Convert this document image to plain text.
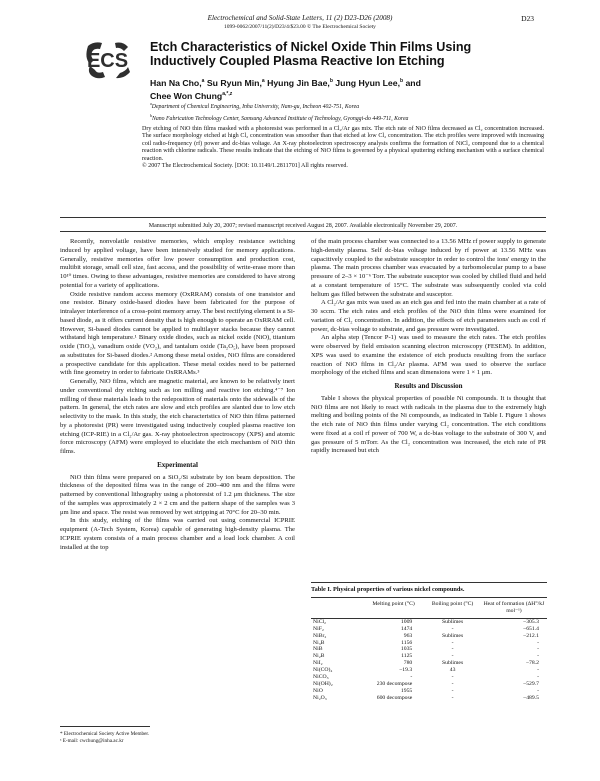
Electrochemical and Solid-State Letters, 11 (2) D23-D26 (2008)
1099-0062/2007/11(2)/D23/4/$23.00 © The Electrochemical Society
D23
ECS
Etch Characteristics of Nickel Oxide Thin Films Using Inductively Coupled Plasma Reactive Ion Etching
Han Na Cho,$^a$ Su Ryun Min,$^a$ Hyung Jin Bae,$^b$ Jung Hyun Lee,$^b$ and
Chee Won Chung$^{a,*,z}$
$^a$Department of Chemical Engineering, Inha University, Nam-gu, Incheon 402-751, Korea
$^b$Nano Fabrication Technology Center, Samsung Advanced Institute of Technology, Gyonggi-do 449-711, Korea

Dry etching of NiO thin films masked with a photoresist was performed in a Cl₂/Ar gas mix. The etch rate of NiO films decreased as Cl₂ concentration increased. The surface morphology etched at high Cl₂ concentration was smoother than that etched at low Cl₂ concentration. The etch profiles were improved with increasing coil radio-frequency (rf) power and dc-bias voltage. An X-ray photoelectron spectroscopy analysis confirms the formation of NiCl₂ compound due to a chemical reaction with chlorine radicals. These results indicate that the etching of NiO films is governed by a physical sputtering etching mechanism with a surface chemical reaction.

© 2007 The Electrochemical Society. [DOI: 10.1149/1.2811701] All rights reserved.

Manuscript submitted July 20, 2007; revised manuscript received August 28, 2007. Available electronically November 29, 2007.

Recently, nonvolatile resistive memories, which employ resistance switching induced by applied voltage, have been intensively studied for memory applications. Generally, resistive memories offer low power consumption and production cost, multibit storage, small cell size, fast access, and the possibility of write-erase more than 10¹⁰ times. Owing to these advantages, resistive memories are considered to have strong potential for a variety of applications.

Oxide resistive random access memory (OxRRAM) consists of one transistor and one resistor. Binary oxide-based diodes have been fabricated for the purpose of intralayer interference of a cross-point memory array. The best rectifying element is a Si-based diode, as it offers current density that is high enough to operate an OxRRAM cell. However, Si-based diodes cannot be applied to multilayer stacks because they cannot withstand high temperature.¹ Binary oxide diodes, such as nickel oxide (NiO), titanium oxide (TiO₂), vanadium oxide (VO₂), and tantalum oxide (Ta₂O₅), have been proposed as substitutes for Si-based diodes.² Among these metal oxides, NiO films are considered a prospective candidate for this application. These metal oxides need to be patterned with fine geometry in order to fabricate OxRRAMs.³

Generally, NiO films, which are magnetic material, are known to be relatively inert under conventional dry etching such as ion milling and reactive ion etching.⁴⁻⁷ Ion milling of these materials leads to the redeposition of materials onto the sidewalls of the pattern. In general, the etch rates are slow and etch profiles are slanted due to low etch selectivity to the mask. In this study, the etch characteristics of NiO thin films patterned by a photoresist (PR) were investigated using inductively coupled plasma reactive ion etching (ICP-RIE) in a Cl₂/Ar gas. X-ray photoelectron spectroscopy (XPS) and atomic force microscopy (AFM) were employed to elucidate the etch mechanism of NiO thin films.

Experimental

NiO thin films were prepared on a SiO₂/Si substrate by ion beam deposition. The thickness of the deposited films was in the range of 200–400 nm and the films were patterned by conventional lithography using a photoresist of 1.2 μm thickness. The size of the samples was approximately 2 × 2 cm and the pattern shape of the samples was 3 μm line and space. The resist was removed by wet stripping at 70°C for 20–30 min.

In this study, etching of the films was carried out using commercial ICPRIE equipment (A-Tech System, Korea) capable of generating high-density plasma. The ICPRIE system consists of a main process chamber and a load lock chamber. A coil installed at the top

of the main process chamber was connected to a 13.56 MHz rf power supply to generate high-density plasma. Self dc-bias voltage induced by rf power at 13.56 MHz was capacitively coupled to the substrate susceptor in order to control the ions' energy in the plasma. The main process chamber was evacuated by a turbomolecular pump to a base pressure of 2–3 × 10⁻⁶ Torr. The substrate susceptor was cooled by chilled fluid and held at a constant temperature of 15°C. The substrate was subsequently cooled via cold helium gas filled between the substrate and susceptor.

A Cl₂/Ar gas mix was used as an etch gas and fed into the main chamber at a rate of 30 sccm. The etch rates and etch profiles of the NiO thin films were examined for variation of Cl₂ concentration. In addition, the effects of etch parameters such as coil rf power, dc-bias voltage to substrate, and gas pressure were investigated.

An alpha step (Tencor P-1) was used to measure the etch rates. The etch profiles were observed by field emission scanning electron microscopy (FESEM). In addition, XPS was used to examine the existence of etch products resulting from the surface reaction of NiO films in Cl₂/Ar plasma. AFM was used to observe the surface morphology of the etched films and scan dimensions were 1 × 1 μm.

Results and Discussion

Table I shows the physical properties of possible Ni compounds. It is thought that NiO films are not likely to react with radicals in the plasma due to the extremely high melting and boiling points of the Ni compounds, as indicated in Table I. Figure 1 shows the etch rate of NiO thin films under varying Cl₂ concentration. The etch conditions were fixed at a coil rf power of 700 W, a dc-bias voltage to the substrate of 300 V, and gas pressure of 5 mTorr. As the Cl₂ concentration was increased, the etch rate of PR rapidly increased but etch

* Electrochemical Society Active Member.
ᶻ E-mail: cwchung@inha.ac.kr
Table I. Physical properties of various nickel compounds.
	Melting point (°C)	Boiling point (°C)	Heat of formation (ΔH°/kJ mol⁻¹)

NiCl₂	1009	Sublimes	−305.3
NiF₂	1474	-	−651.4
NiBr₂	963	Sublimes	−212.1
Ni₃B	1156	-	-
NiB	1035	-	-
Ni₂B	1125	-	-
NiI₂	780	Sublimes	−78.2
Ni(CO)₄	−19.3	43	-
NiCO₃	-	-	-
Ni(OH)₂	230 decompose	-	−529.7
NiO	1955	-	-
Ni₂O₃	600 decompose	-	−489.5
